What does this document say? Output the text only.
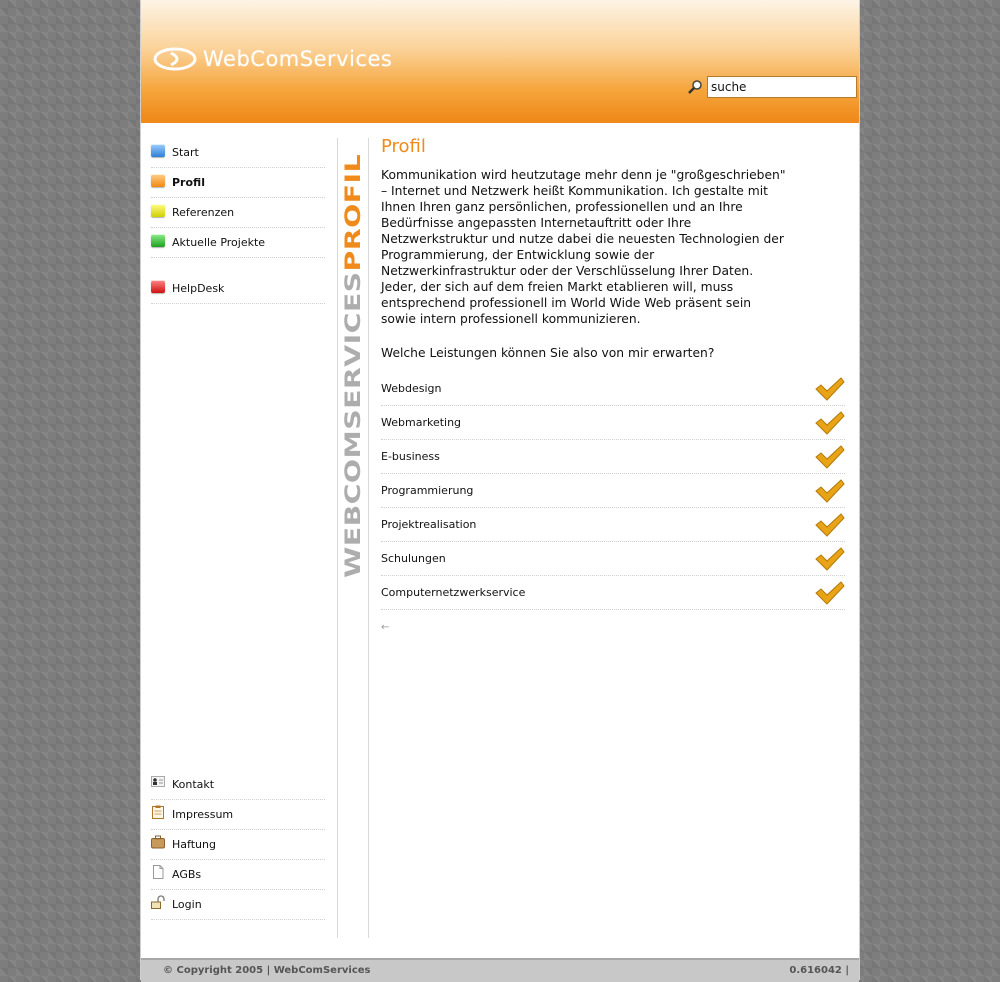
WebComServices
suche
Start
Profil
Referenzen
Aktuelle Projekte
HelpDesk
Kontakt
Impressum
Haftung
AGBs
Login
WEBCOMSERVICESPROFIL
Profil

Kommunikation wird heutzutage mehr denn je "großgeschrieben"
– Internet und Netzwerk heißt Kommunikation. Ich gestalte mit
Ihnen Ihren ganz persönlichen, professionellen und an Ihre
Bedürfnisse angepassten Internetauftritt oder Ihre
Netzwerkstruktur und nutze dabei die neuesten Technologien der
Programmierung, der Entwicklung sowie der
Netzwerkinfrastruktur oder der Verschlüsselung Ihrer Daten.
Jeder, der sich auf dem freien Markt etablieren will, muss
entsprechend professionell im World Wide Web präsent sein
sowie intern professionell kommunizieren.

Welche Leistungen können Sie also von mir erwarten?

Webdesign
Webmarketing
E-business
Programmierung
Projektrealisation
Schulungen
Computernetzwerkservice
←
© Copyright 2005 | WebComServices	0.616042 |
